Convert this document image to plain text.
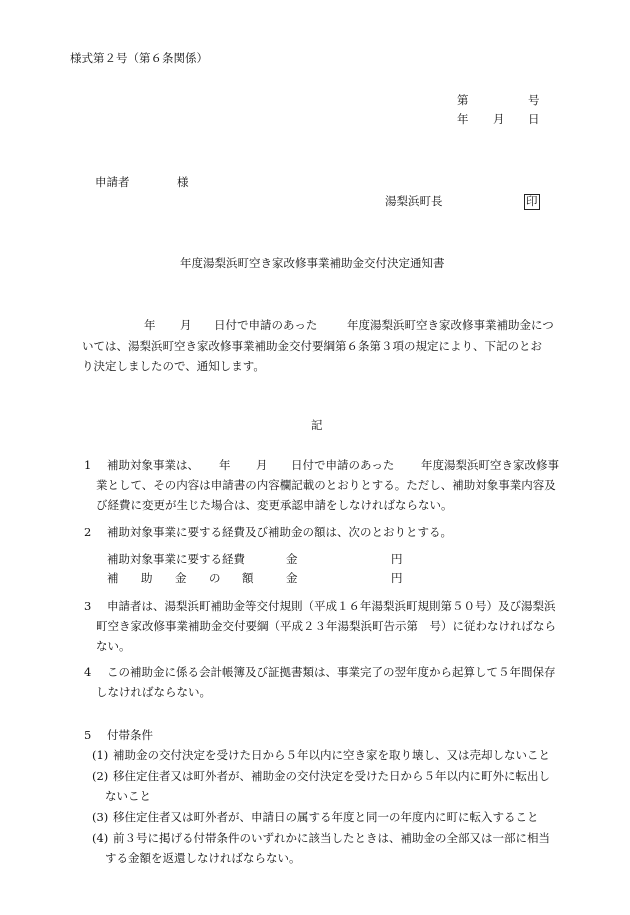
様式第２号（第６条関係）
第	号
年 月 日
申請者	様
湯梨浜町長	印
年度湯梨浜町空き家改修事業補助金交付決定通知書
年 月 日付で申請のあった	年度湯梨浜町空き家改修事業補助金につ
いては、湯梨浜町空き家改修事業補助金交付要綱第６条第３項の規定により、下記のとお
り決定しましたので、通知します。
記
1 補助対象事業は、 年 月 日付で申請のあった 年度湯梨浜町空き家改修事
業として、その内容は申請書の内容欄記載のとおりとする。ただし、補助対象事業内容及
び経費に変更が生じた場合は、変更承認申請をしなければならない。
2 補助対象事業に要する経費及び補助金の額は、次のとおりとする。
補助対象事業に要する経費	金	円
補 助 金 の 額	金	円
3 申請者は、湯梨浜町補助金等交付規則（平成１６年湯梨浜町規則第５０号）及び湯梨浜
町空き家改修事業補助金交付要綱（平成２３年湯梨浜町告示第　号）に従わなければなら
ない。
4 この補助金に係る会計帳簿及び証拠書類は、事業完了の翌年度から起算して５年間保存
しなければならない。
5 付帯条件
(1) 補助金の交付決定を受けた日から５年以内に空き家を取り壊し、又は売却しないこと
(2) 移住定住者又は町外者が、補助金の交付決定を受けた日から５年以内に町外に転出し
ないこと
(3) 移住定住者又は町外者が、申請日の属する年度と同一の年度内に町に転入すること
(4) 前３号に掲げる付帯条件のいずれかに該当したときは、補助金の全部又は一部に相当
する金額を返還しなければならない。
